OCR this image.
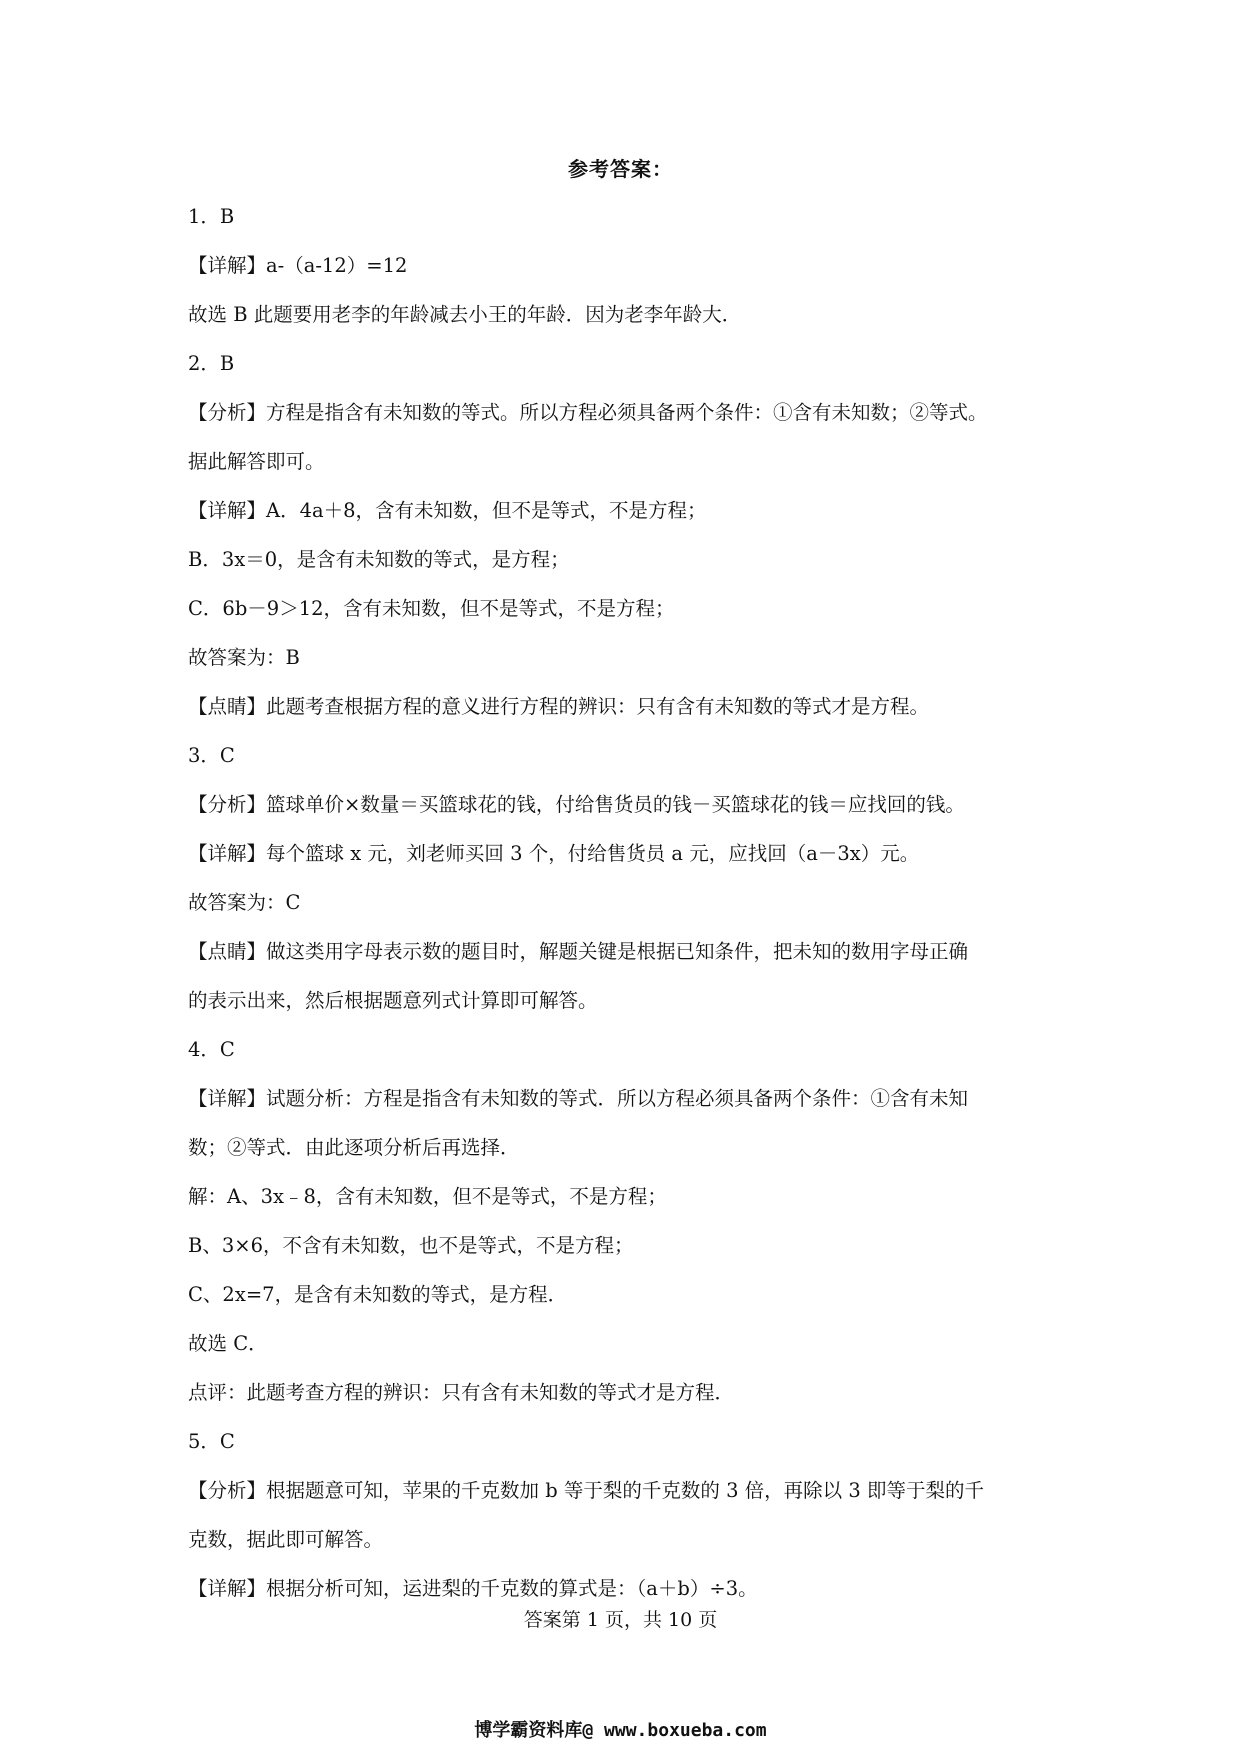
参考答案：
1．B
【详解】a-（a-12）=12
故选 B 此题要用老李的年龄减去小王的年龄．因为老李年龄大．
2．B
【分析】方程是指含有未知数的等式。所以方程必须具备两个条件：①含有未知数；②等式。
据此解答即可。
【详解】A．4a＋8，含有未知数，但不是等式，不是方程；
B．3x＝0，是含有未知数的等式，是方程；
C．6b－9＞12，含有未知数，但不是等式，不是方程；
故答案为：B
【点睛】此题考查根据方程的意义进行方程的辨识：只有含有未知数的等式才是方程。
3．C
【分析】篮球单价×数量＝买篮球花的钱，付给售货员的钱－买篮球花的钱＝应找回的钱。
【详解】每个篮球 x 元，刘老师买回 3 个，付给售货员 a 元，应找回（a－3x）元。
故答案为：C
【点睛】做这类用字母表示数的题目时，解题关键是根据已知条件，把未知的数用字母正确
的表示出来，然后根据题意列式计算即可解答。
4．C
【详解】试题分析：方程是指含有未知数的等式．所以方程必须具备两个条件：①含有未知
数；②等式．由此逐项分析后再选择．
解：A、3x﹣8，含有未知数，但不是等式，不是方程；
B、3×6，不含有未知数，也不是等式，不是方程；
C、2x=7，是含有未知数的等式，是方程．
故选 C．
点评：此题考查方程的辨识：只有含有未知数的等式才是方程．
5．C
【分析】根据题意可知，苹果的千克数加 b 等于梨的千克数的 3 倍，再除以 3 即等于梨的千
克数，据此即可解答。
【详解】根据分析可知，运进梨的千克数的算式是：（a＋b）÷3。
答案第 1 页，共 10 页
博学霸资料库@ www.boxueba.com
